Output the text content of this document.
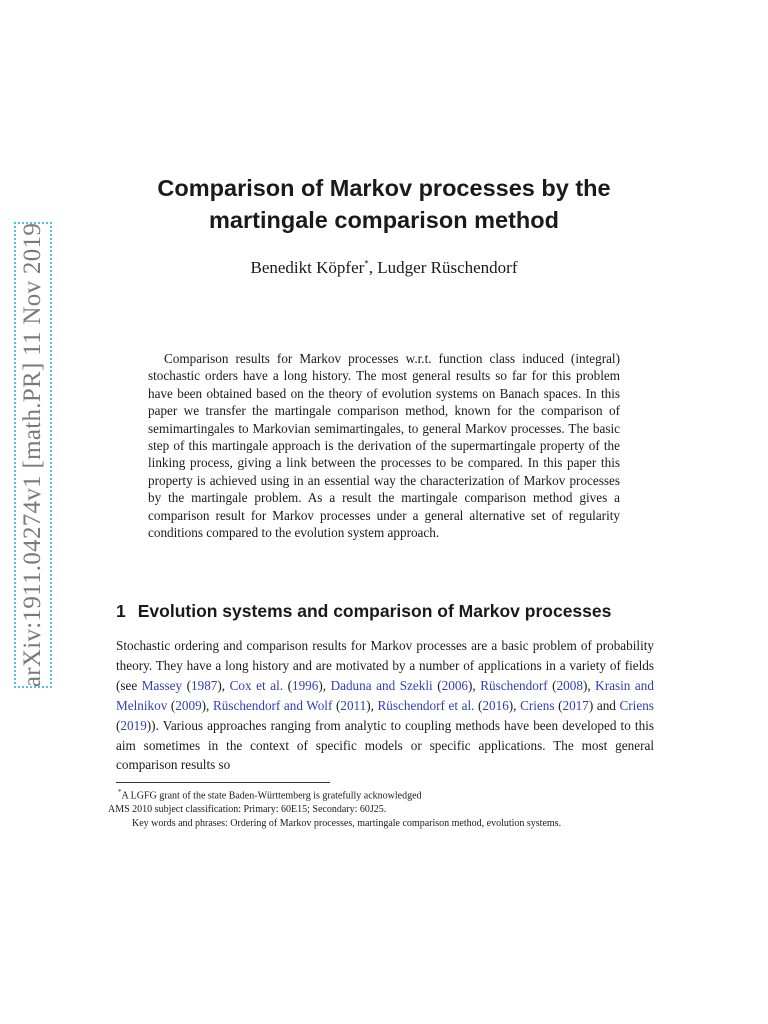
arXiv:1911.04274v1 [math.PR] 11 Nov 2019
Comparison of Markov processes by the
martingale comparison method
Benedikt Köpfer*, Ludger Rüschendorf
Comparison results for Markov processes w.r.t. function class induced (integral) stochastic orders have a long history. The most general results so far for this problem have been obtained based on the theory of evolution systems on Banach spaces. In this paper we transfer the martingale comparison method, known for the comparison of semimartingales to Markovian semimartingales, to general Markov processes. The basic step of this martingale approach is the derivation of the supermartingale property of the linking process, giving a link between the processes to be compared. In this paper this property is achieved using in an essential way the characterization of Markov processes by the martingale problem. As a result the martingale comparison method gives a comparison result for Markov processes under a general alternative set of regularity conditions compared to the evolution system approach.
1 Evolution systems and comparison of Markov processes
Stochastic ordering and comparison results for Markov processes are a basic problem of probability theory. They have a long history and are motivated by a number of applications in a variety of fields (see Massey (1987), Cox et al. (1996), Daduna and Szekli (2006), Rüschendorf (2008), Krasin and Melnikov (2009), Rüschendorf and Wolf (2011), Rüschendorf et al. (2016), Criens (2017) and Criens (2019)). Various approaches ranging from analytic to coupling methods have been developed to this aim sometimes in the context of specific models or specific applications. The most general comparison results so
*A LGFG grant of the state Baden-Württemberg is gratefully acknowledged
AMS 2010 subject classification: Primary: 60E15; Secondary: 60J25.
Key words and phrases: Ordering of Markov processes, martingale comparison method, evolution systems.
